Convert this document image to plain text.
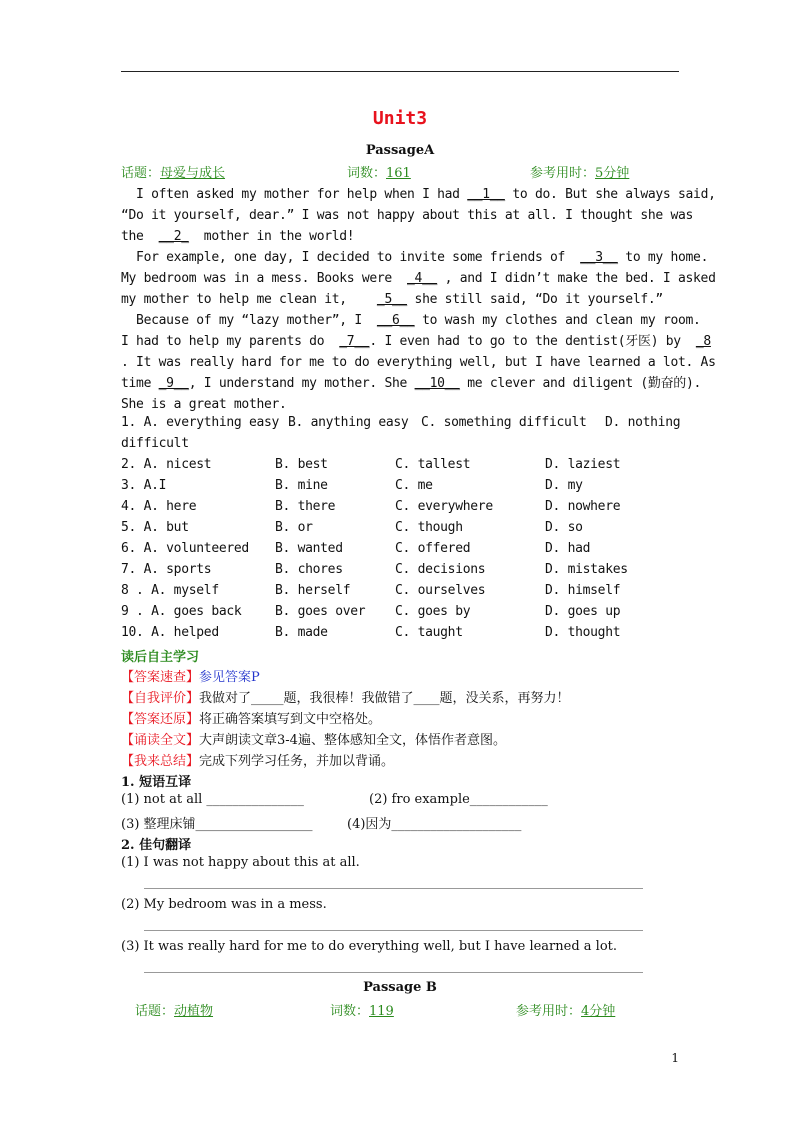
Unit3
PassageA
话题：母爱与成长	词数：161	参考用时：5分钟
I often asked my mother for help when I had __1__ to do. But she always said,
“Do it yourself, dear.” I was not happy about this at all. I thought she was
the  __2_  mother in the world!
For example, one day, I decided to invite some friends of  __3__ to my home.
My bedroom was in a mess. Books were  _4__ , and I didn’t make the bed. I asked
my mother to help me clean it,    _5__ she still said, “Do it yourself.”
Because of my “lazy mother”, I  __6__ to wash my clothes and clean my room.
I had to help my parents do  _7__. I even had to go to the dentist(牙医) by  _8
. It was really hard for me to do everything well, but I have learned a lot. As
time _9__, I understand my mother. She __10__ me clever and diligent (勤奋的).
She is a great mother.
1. A. everything easy B. anything easy C. something difficult D. nothing
difficult
2. A. nicest	B. best	C. tallest	D. laziest
3. A.I	B. mine	C. me	D. my
4. A. here	B. there	C. everywhere	D. nowhere
5. A. but	B. or	C. though	D. so
6. A. volunteered B. wanted	C. offered	D. had
7. A. sports	B. chores	C. decisions	D. mistakes
8 . A. myself	B. herself	C. ourselves	D. himself
9 . A. goes back	B. goes over C. goes by	D. goes up
10. A. helped	B. made	C. taught	D. thought
读后自主学习
【答案速查】参见答案P
【自我评价】我做对了_____题，我很棒！我做错了____题，没关系，再努力！
【答案还原】将正确答案填写到文中空格处。
【诵读全文】大声朗读文章3-4遍、整体感知全文，体悟作者意图。
【我来总结】完成下列学习任务，并加以背诵。
1. 短语互译
(1) not at all _______________	(2) fro example____________
(3) 整理床铺__________________	(4)因为____________________
2. 佳句翻译
(1) I was not happy about this at all.
(2) My bedroom was in a mess.
(3) It was really hard for me to do everything well, but I have learned a lot.
Passage B
话题：动植物	词数：119	参考用时：4分钟
1
